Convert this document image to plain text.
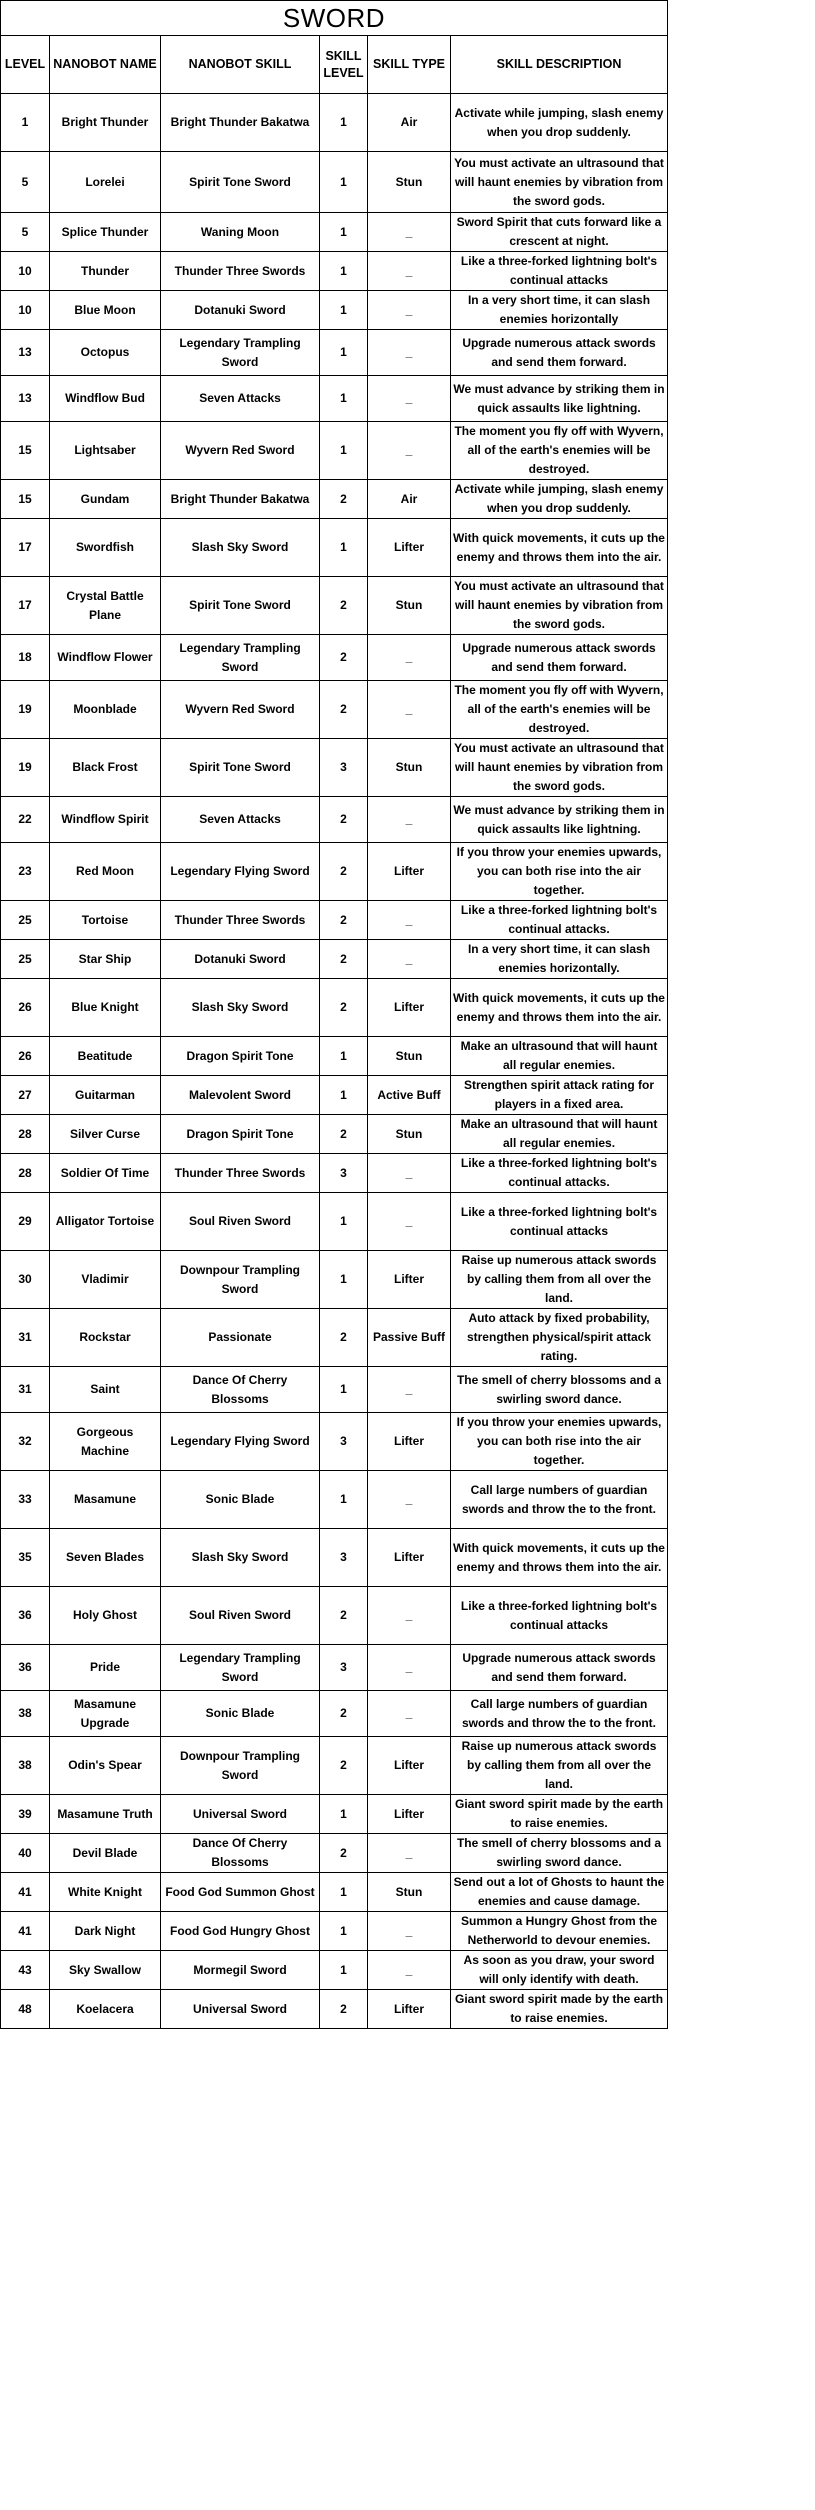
SWORD					
LEVEL	NANOBOT NAME	NANOBOT SKILL	SKILL LEVEL	SKILL TYPE	SKILL DESCRIPTION
1	Bright Thunder	Bright Thunder Bakatwa	1	Air	Activate while jumping, slash enemy when you drop suddenly.
5	Lorelei	Spirit Tone Sword	1	Stun	You must activate an ultrasound that will haunt enemies by vibration from the sword gods.
5	Splice Thunder	Waning Moon	1	_	Sword Spirit that cuts forward like a crescent at night.
10	Thunder	Thunder Three Swords	1	_	Like a three-forked lightning bolt's continual attacks
10	Blue Moon	Dotanuki Sword	1	_	In a very short time, it can slash enemies horizontally
13	Octopus	Legendary Trampling Sword	1	_	Upgrade numerous attack swords and send them forward.
13	Windflow Bud	Seven Attacks	1	_	We must advance by striking them in quick assaults like lightning.
15	Lightsaber	Wyvern Red Sword	1	_	The moment you fly off with Wyvern, all of the earth's enemies will be destroyed.
15	Gundam	Bright Thunder Bakatwa	2	Air	Activate while jumping, slash enemy when you drop suddenly.
17	Swordfish	Slash Sky Sword	1	Lifter	With quick movements, it cuts up the enemy and throws them into the air.
17	Crystal Battle Plane	Spirit Tone Sword	2	Stun	You must activate an ultrasound that will haunt enemies by vibration from the sword gods.
18	Windflow Flower	Legendary Trampling Sword	2	_	Upgrade numerous attack swords and send them forward.
19	Moonblade	Wyvern Red Sword	2	_	The moment you fly off with Wyvern, all of the earth's enemies will be destroyed.
19	Black Frost	Spirit Tone Sword	3	Stun	You must activate an ultrasound that will haunt enemies by vibration from the sword gods.
22	Windflow Spirit	Seven Attacks	2	_	We must advance by striking them in quick assaults like lightning.
23	Red Moon	Legendary Flying Sword	2	Lifter	If you throw your enemies upwards, you can both rise into the air together.
25	Tortoise	Thunder Three Swords	2	_	Like a three-forked lightning bolt's continual attacks.
25	Star Ship	Dotanuki Sword	2	_	In a very short time, it can slash enemies horizontally.
26	Blue Knight	Slash Sky Sword	2	Lifter	With quick movements, it cuts up the enemy and throws them into the air.
26	Beatitude	Dragon Spirit Tone	1	Stun	Make an ultrasound that will haunt all regular enemies.
27	Guitarman	Malevolent Sword	1	Active Buff	Strengthen spirit attack rating for players in a fixed area.
28	Silver Curse	Dragon Spirit Tone	2	Stun	Make an ultrasound that will haunt all regular enemies.
28	Soldier Of Time	Thunder Three Swords	3	_	Like a three-forked lightning bolt's continual attacks.
29	Alligator Tortoise	Soul Riven Sword	1	_	Like a three-forked lightning bolt's continual attacks
30	Vladimir	Downpour Trampling Sword	1	Lifter	Raise up numerous attack swords by calling them from all over the land.
31	Rockstar	Passionate	2	Passive Buff	Auto attack by fixed probability, strengthen physical/spirit attack rating.
31	Saint	Dance Of Cherry Blossoms	1	_	The smell of cherry blossoms and a swirling sword dance.
32	Gorgeous Machine	Legendary Flying Sword	3	Lifter	If you throw your enemies upwards, you can both rise into the air together.
33	Masamune	Sonic Blade	1	_	Call large numbers of guardian swords and throw the to the front.
35	Seven Blades	Slash Sky Sword	3	Lifter	With quick movements, it cuts up the enemy and throws them into the air.
36	Holy Ghost	Soul Riven Sword	2	_	Like a three-forked lightning bolt's continual attacks
36	Pride	Legendary Trampling Sword	3	_	Upgrade numerous attack swords and send them forward.
38	Masamune Upgrade	Sonic Blade	2	_	Call large numbers of guardian swords and throw the to the front.
38	Odin's Spear	Downpour Trampling Sword	2	Lifter	Raise up numerous attack swords by calling them from all over the land.
39	Masamune Truth	Universal Sword	1	Lifter	Giant sword spirit made by the earth to raise enemies.
40	Devil Blade	Dance Of Cherry Blossoms	2	_	The smell of cherry blossoms and a swirling sword dance.
41	White Knight	Food God Summon Ghost	1	Stun	Send out a lot of Ghosts to haunt the enemies and cause damage.
41	Dark Night	Food God Hungry Ghost	1	_	Summon a Hungry Ghost from the Netherworld to devour enemies.
43	Sky Swallow	Mormegil Sword	1	_	As soon as you draw, your sword will only identify with death.
48	Koelacera	Universal Sword	2	Lifter	Giant sword spirit made by the earth to raise enemies.
